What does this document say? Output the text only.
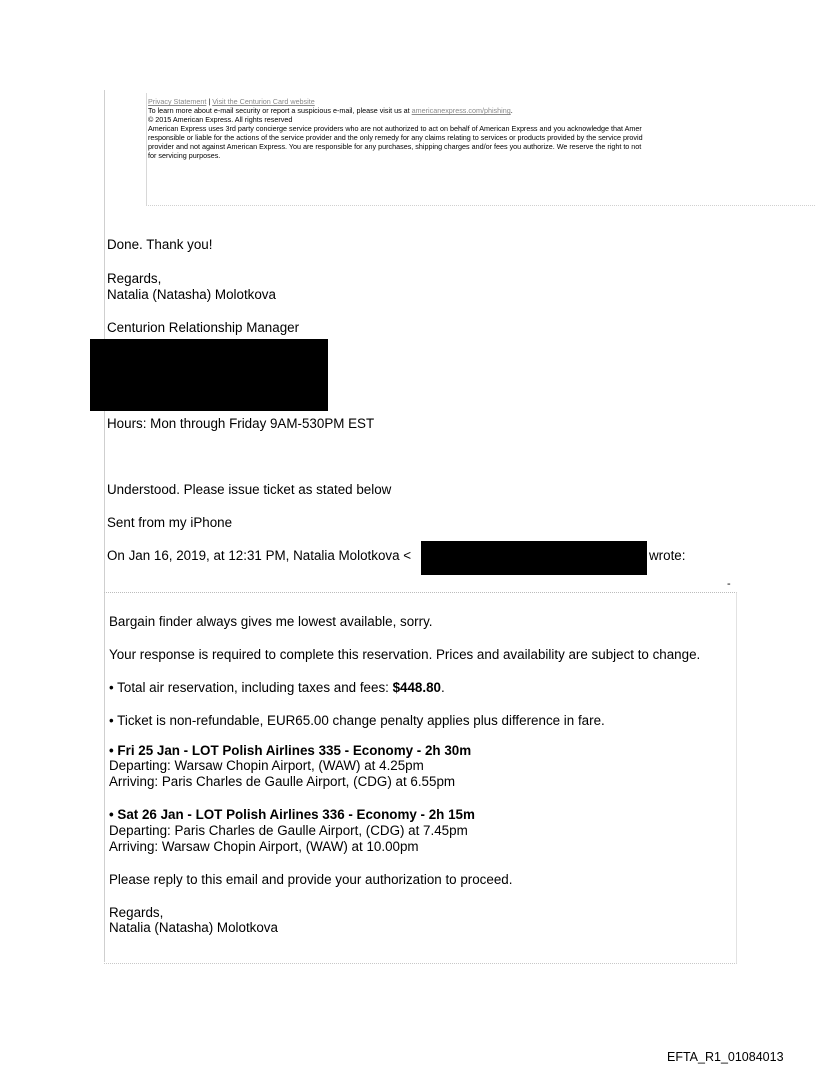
Privacy Statement | Visit the Centurion Card website
To learn more about e-mail security or report a suspicious e-mail, please visit us at americanexpress.com/phishing.
© 2015 American Express. All rights reserved
American Express uses 3rd party concierge service providers who are not authorized to act on behalf of American Express and you acknowledge that Amer
responsible or liable for the actions of the service provider and the only remedy for any claims relating to services or products provided by the service provid
provider and not against American Express. You are responsible for any purchases, shipping charges and/or fees you authorize. We reserve the right to not
for servicing purposes.
Done. Thank you!
Regards,
Natalia (Natasha) Molotkova
Centurion Relationship Manager
Hours: Mon through Friday 9AM-530PM EST
Understood. Please issue ticket as stated below
Sent from my iPhone
On Jan 16, 2019, at 12:31 PM, Natalia Molotkova <	wrote:
-
Bargain finder always gives me lowest available, sorry.
Your response is required to complete this reservation. Prices and availability are subject to change.
• Total air reservation, including taxes and fees: $448.80.
• Ticket is non-refundable, EUR65.00 change penalty applies plus difference in fare.
• Fri 25 Jan - LOT Polish Airlines 335 - Economy - 2h 30m
Departing: Warsaw Chopin Airport, (WAW) at 4.25pm
Arriving: Paris Charles de Gaulle Airport, (CDG) at 6.55pm
• Sat 26 Jan - LOT Polish Airlines 336 - Economy - 2h 15m
Departing: Paris Charles de Gaulle Airport, (CDG) at 7.45pm
Arriving: Warsaw Chopin Airport, (WAW) at 10.00pm
Please reply to this email and provide your authorization to proceed.
Regards,
Natalia (Natasha) Molotkova
EFTA_R1_01084013
